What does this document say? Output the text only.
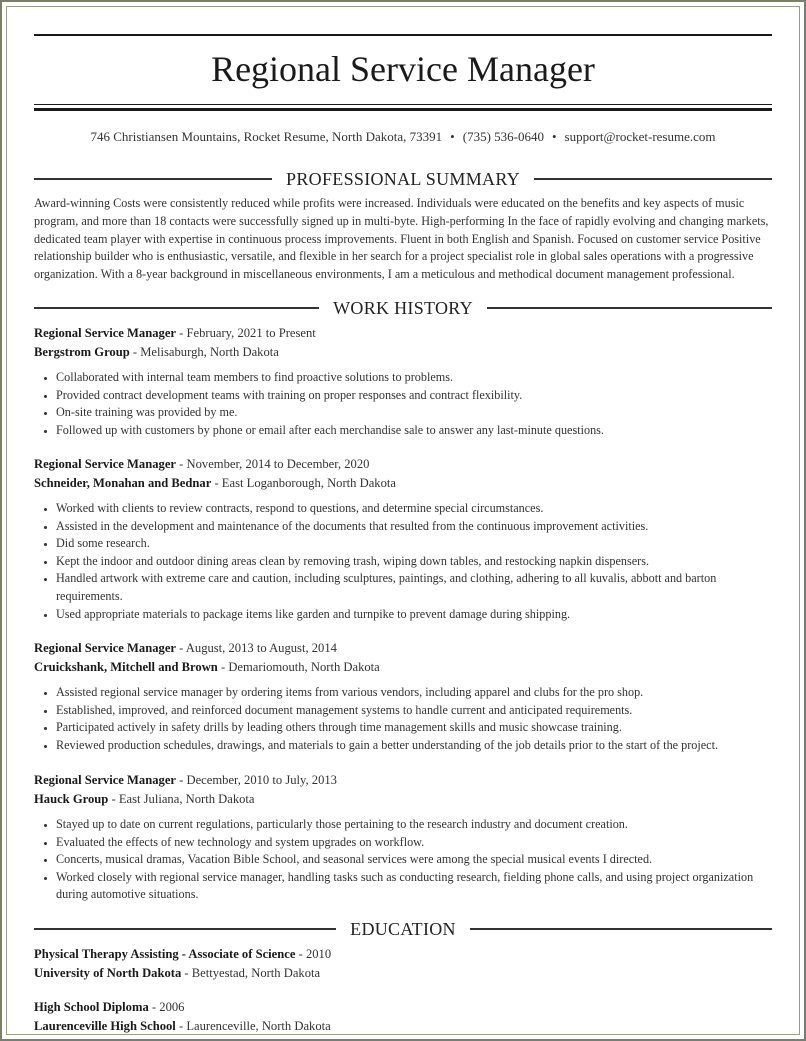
Regional Service Manager
746 Christiansen Mountains, Rocket Resume, North Dakota, 73391 • (735) 536-0640 • support@rocket-resume.com
PROFESSIONAL SUMMARY
Award-winning Costs were consistently reduced while profits were increased. Individuals were educated on the benefits and key aspects of music program, and more than 18 contacts were successfully signed up in multi-byte. High-performing In the face of rapidly evolving and changing markets, dedicated team player with expertise in continuous process improvements. Fluent in both English and Spanish. Focused on customer service Positive relationship builder who is enthusiastic, versatile, and flexible in her search for a project specialist role in global sales operations with a progressive organization. With a 8-year background in miscellaneous environments, I am a meticulous and methodical document management professional.
WORK HISTORY
Regional Service Manager - February, 2021 to Present
Bergstrom Group - Melisaburgh, North Dakota
• Collaborated with internal team members to find proactive solutions to problems.
• Provided contract development teams with training on proper responses and contract flexibility.
• On-site training was provided by me.
• Followed up with customers by phone or email after each merchandise sale to answer any last-minute questions.
Regional Service Manager - November, 2014 to December, 2020
Schneider, Monahan and Bednar - East Loganborough, North Dakota
• Worked with clients to review contracts, respond to questions, and determine special circumstances.
• Assisted in the development and maintenance of the documents that resulted from the continuous improvement activities.
• Did some research.
• Kept the indoor and outdoor dining areas clean by removing trash, wiping down tables, and restocking napkin dispensers.
• Handled artwork with extreme care and caution, including sculptures, paintings, and clothing, adhering to all kuvalis, abbott and barton requirements.
• Used appropriate materials to package items like garden and turnpike to prevent damage during shipping.
Regional Service Manager - August, 2013 to August, 2014
Cruickshank, Mitchell and Brown - Demariomouth, North Dakota
• Assisted regional service manager by ordering items from various vendors, including apparel and clubs for the pro shop.
• Established, improved, and reinforced document management systems to handle current and anticipated requirements.
• Participated actively in safety drills by leading others through time management skills and music showcase training.
• Reviewed production schedules, drawings, and materials to gain a better understanding of the job details prior to the start of the project.
Regional Service Manager - December, 2010 to July, 2013
Hauck Group - East Juliana, North Dakota
• Stayed up to date on current regulations, particularly those pertaining to the research industry and document creation.
• Evaluated the effects of new technology and system upgrades on workflow.
• Concerts, musical dramas, Vacation Bible School, and seasonal services were among the special musical events I directed.
• Worked closely with regional service manager, handling tasks such as conducting research, fielding phone calls, and using project organization during automotive situations.
EDUCATION
Physical Therapy Assisting - Associate of Science - 2010
University of North Dakota - Bettyestad, North Dakota
High School Diploma - 2006
Laurenceville High School - Laurenceville, North Dakota
